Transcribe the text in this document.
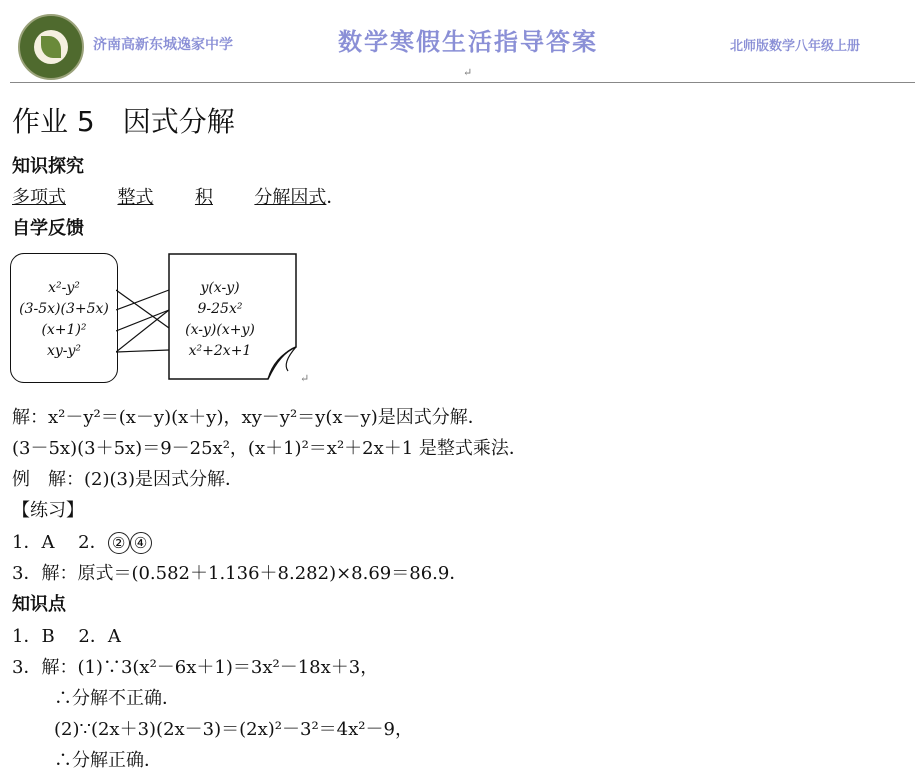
济南高新东城逸家中学	数学寒假生活指导答案	北师版数学八年级上册
↵
作业 5　因式分解
知识探究
多项式	整式 积 分解因式．
自学反馈
x²-y²
(3-5x)(3+5x)
(x+1)²
xy-y²
y(x-y)
9-25x²
(x-y)(x+y)
x²+2x+1
↵
解：x²－y²＝(x－y)(x＋y)，xy－y²＝y(x－y)是因式分解．
(3－5x)(3＋5x)＝9－25x²，(x＋1)²＝x²＋2x＋1 是整式乘法．
例　解：(2)(3)是因式分解．
【练习】
1．A　 2． ② ④
3．解：原式＝(0.582＋1.136＋8.282)×8.69＝86.9．
知识点
1．B　 2．A
3．解：(1)∵3(x²－6x＋1)＝3x²－18x＋3，
∴分解不正确．
(2)∵(2x＋3)(2x－3)＝(2x)²－3²＝4x²－9，
∴分解正确．
